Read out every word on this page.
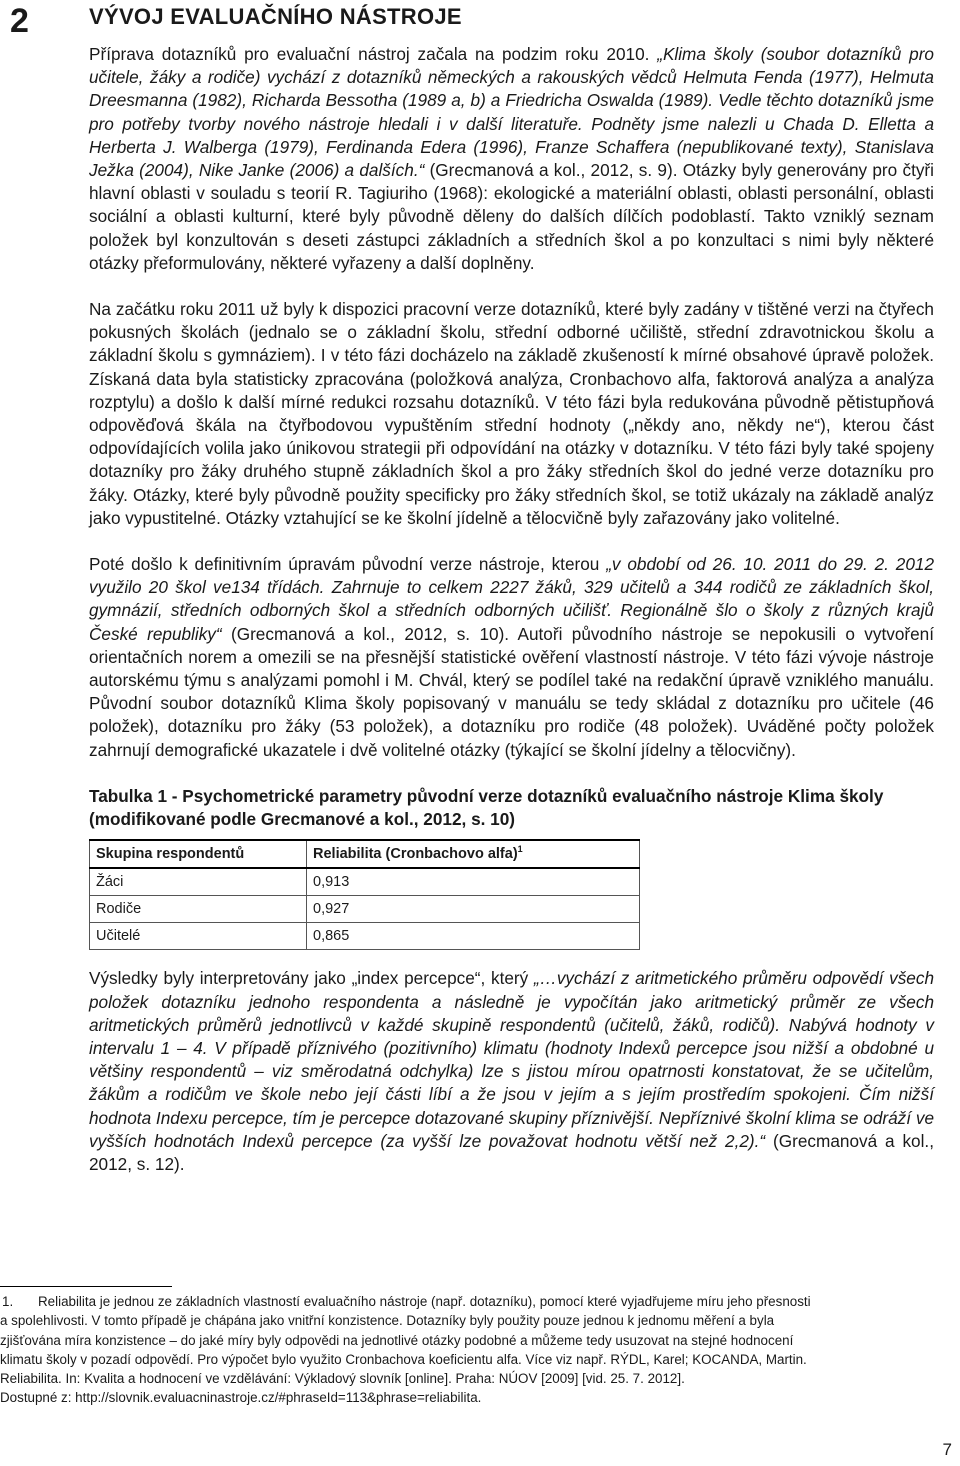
2	VÝVOJ EVALUAČNÍHO NÁSTROJE

Příprava dotazníků pro evaluační nástroj začala na podzim roku 2010. „Klima školy (soubor dotazníků pro učitele, žáky a rodiče) vychází z dotazníků německých a rakouských vědců Helmuta Fenda (1977), Helmuta Dreesmanna (1982), Richarda Bessotha (1989 a, b) a Friedricha Oswalda (1989). Vedle těchto dotazníků jsme pro potřeby tvorby nového nástroje hledali i v další literatuře. Podněty jsme nalezli u Chada D. Elletta a Herberta J. Walberga (1979), Ferdinanda Edera (1996), Franze Schaffera (nepublikované texty), Stanislava Ježka (2004), Nike Janke (2006) a dalších.“ (Grecmanová a kol., 2012, s. 9). Otázky byly generovány pro čtyři hlavní oblasti v souladu s teorií R. Tagiuriho (1968): ekologické a materiální oblasti, oblasti personální, oblasti sociální a oblasti kulturní, které byly původně děleny do dalších dílčích podoblastí. Takto vzniklý seznam položek byl konzultován s deseti zástupci základních a středních škol a po konzultaci s nimi byly některé otázky přeformulovány, některé vyřazeny a další doplněny.

Na začátku roku 2011 už byly k dispozici pracovní verze dotazníků, které byly zadány v tištěné verzi na čtyřech pokusných školách (jednalo se o základní školu, střední odborné učiliště, střední zdravotnickou školu a základní školu s gymnáziem). I v této fázi docházelo na základě zkušeností k mírné obsahové úpravě položek. Získaná data byla statisticky zpracována (položková analýza, Cronbachovo alfa, faktorová analýza a analýza rozptylu) a došlo k další mírné redukci rozsahu dotazníků. V této fázi byla redukována původně pětistupňová odpověďová škála na čtyřbodovou vypuštěním střední hodnoty („někdy ano, někdy ne“), kterou část odpovídajících volila jako únikovou strategii při odpovídání na otázky v dotazníku. V této fázi byly také spojeny dotazníky pro žáky druhého stupně základních škol a pro žáky středních škol do jedné verze dotazníku pro žáky. Otázky, které byly původně použity specificky pro žáky středních škol, se totiž ukázaly na základě analýz jako vypustitelné. Otázky vztahující se ke školní jídelně a tělocvičně byly zařazovány jako volitelné.

Poté došlo k definitivním úpravám původní verze nástroje, kterou „v období od 26. 10. 2011 do 29. 2. 2012 využilo 20 škol ve134 třídách. Zahrnuje to celkem 2227 žáků, 329 učitelů a 344 rodičů ze základních škol, gymnázií, středních odborných škol a středních odborných učilišť. Regionálně šlo o školy z různých krajů České republiky“ (Grecmanová a kol., 2012, s. 10). Autoři původního nástroje se nepokusili o vytvoření orientačních norem a omezili se na přesnější statistické ověření vlastností nástroje. V této fázi vývoje nástroje autorskému týmu s analýzami pomohl i M. Chvál, který se podílel také na redakční úpravě vzniklého manuálu. Původní soubor dotazníků Klima školy popisovaný v manuálu se tedy skládal z dotazníku pro učitele (46 položek), dotazníku pro žáky (53 položek), a dotazníku pro rodiče (48 položek). Uváděné počty položek zahrnují demografické ukazatele i dvě volitelné otázky (týkající se školní jídelny a tělocvičny).

Tabulka 1 - Psychometrické parametry původní verze dotazníků evaluačního nástroje Klima školy (modifikované podle Grecmanové a kol., 2012, s. 10)
Skupina respondentů	Reliabilita (Cronbachovo alfa)$^1$
Žáci	0,913
Rodiče	0,927
Učitelé	0,865

Výsledky byly interpretovány jako „index percepce“, který „…vychází z aritmetického průměru odpovědí všech položek dotazníku jednoho respondenta a následně je vypočítán jako aritmetický průměr ze všech aritmetických průměrů jednotlivců v každé skupině respondentů (učitelů, žáků, rodičů). Nabývá hodnoty v intervalu 1 – 4. V případě příznivého (pozitivního) klimatu (hodnoty Indexů percepce jsou nižší a obdobné u většiny respondentů – viz směrodatná odchylka) lze s jistou mírou opatrnosti konstatovat, že se učitelům, žákům a rodičům ve škole nebo její části líbí a že jsou v jejím a s jejím prostředím spokojeni. Čím nižší hodnota Indexu percepce, tím je percepce dotazované skupiny příznivější. Nepříznivé školní klima se odráží ve vyšších hodnotách Indexů percepce (za vyšší lze považovat hodnotu větší než 2,2).“ (Grecmanová a kol., 2012, s. 12).

1. Reliabilita je jednou ze základních vlastností evaluačního nástroje (např. dotazníku), pomocí které vyjadřujeme míru jeho přesnosti

a spolehlivosti. V tomto případě je chápána jako vnitřní konzistence. Dotazníky byly použity pouze jednou k jednomu měření a byla

zjišťována míra konzistence – do jaké míry byly odpovědi na jednotlivé otázky podobné a můžeme tedy usuzovat na stejné hodnocení

klimatu školy v pozadí odpovědí. Pro výpočet bylo využito Cronbachova koeficientu alfa. Více viz např. RÝDL, Karel; KOCANDA, Martin.

Reliabilita. In: Kvalita a hodnocení ve vzdělávání: Výkladový slovník [online]. Praha: NÚOV [2009] [vid. 25. 7. 2012].

Dostupné z: http://slovnik.evaluacninastroje.cz/#phraseId=113&phrase=reliabilita.

7
